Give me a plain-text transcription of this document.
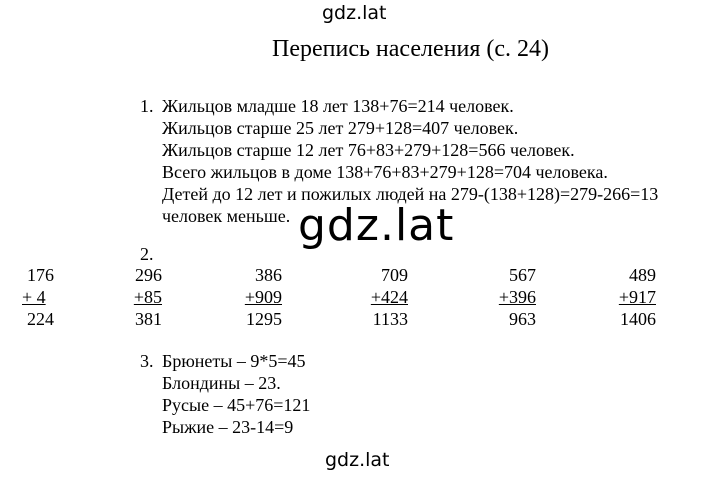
gdz.lat
Перепись населения (с. 24)
1. Жильцов младше 18 лет 138+76=214 человек.
Жильцов старше 25 лет 279+128=407 человек.
Жильцов старше 12 лет 76+83+279+128=566 человек.
Всего жильцов в доме 138+76+83+279+128=704 человека.
Детей до 12 лет и пожилых людей на 279-(138+128)=279-266=13
человек меньше. gdz.lat
2.
176
+ 4
224
296
+85
381
386
+909
1295
709
+424
1133
567
+396
963
489
+917
1406
3. Брюнеты – 9*5=45
Блондины – 23.
Русые – 45+76=121
Рыжие – 23-14=9
gdz.lat
